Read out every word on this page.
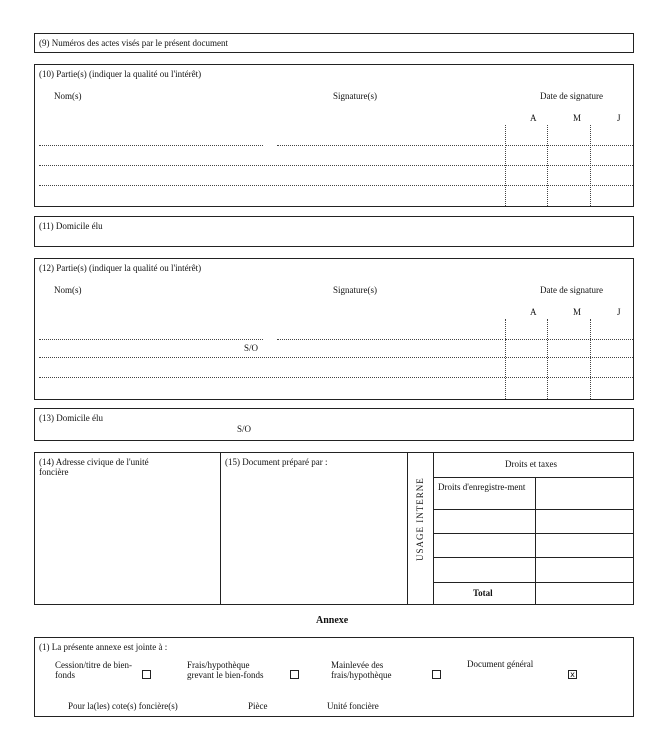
(9) Numéros des actes visés par le présent document
(10) Partie(s) (indiquer la qualité ou l'intérêt)
Nom(s)	Signature(s)	Date de signature
A	M	J
(11) Domicile élu
(12) Partie(s) (indiquer la qualité ou l'intérêt)
Nom(s)	Signature(s)	Date de signature
A	M	J
S/O
(13) Domicile élu
S/O
(14) Adresse civique de l'unité foncière
(15) Document préparé par :
USAGE INTERNE
Droits et taxes
Droits d'enregistre-ment
Total
Annexe
(1) La présente annexe est jointe à :
Cession/titre de bien-fonds
Frais/hypothèque grevant le bien-fonds
Mainlevée des frais/hypothèque
Document général
x
Pour la(les) cote(s) foncière(s)	Pièce	Unité foncière
